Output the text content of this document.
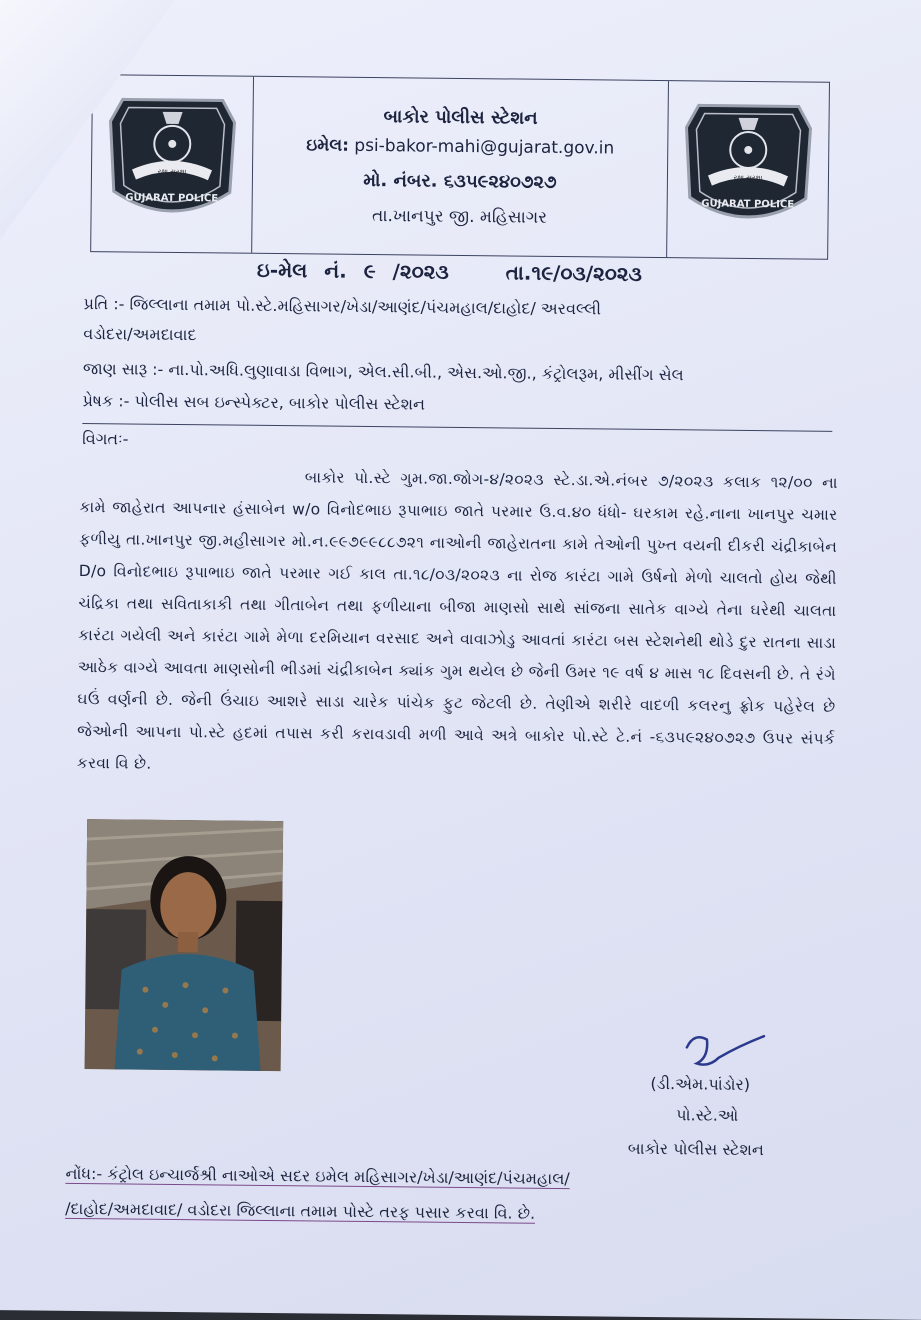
રક્ષા સુરક્ષા
GUJARAT POLICE
બાકોર પોલીસ સ્ટેશન
ઇમેલ: psi-bakor-mahi@gujarat.gov.in
મો. નંબર. ૬૩૫૯૨૪૦૭૨૭
તા.ખાનપુર જી. મહિસાગર
રક્ષા સુરક્ષા
GUJARAT POLICE
ઇ-મેલ નં. ૯ /૨૦૨૩	તા.૧૯/૦૩/૨૦૨૩
પ્રતિ :- જિલ્લાના તમામ પો.સ્ટે.મહિસાગર/ખેડા/આણંદ/પંચમહાલ/દાહોદ/ અરવલ્લી
વડોદરા/અમદાવાદ
જાણ સારૂ :- ના.પો.અધિ.લુણાવાડા વિભાગ, એલ.સી.બી., એસ.ઓ.જી., કંટ્રોલરૂમ, મીસીંગ સેલ
પ્રેષક :- પોલીસ સબ ઇન્સ્પેક્ટર, બાકોર પોલીસ સ્ટેશન
વિગતઃ-

બાકોર પો.સ્ટે ગુમ.જા.જોગ-૪/૨૦૨૩ સ્ટે.ડા.એ.નંબર ૭/૨૦૨૩ કલાક ૧૨/૦૦ ના કામે જાહેરાત આપનાર હંસાબેન w/o વિનોદભાઇ રૂપાભાઇ જાતે પરમાર ઉ.વ.૪૦ ધંધો- ઘરકામ રહે.નાના ખાનપુર ચમાર ફળીયુ તા.ખાનપુર જી.મહીસાગર મો.ન.૯૯૭૯૯૮૮૭૨૧ નાઓની જાહેરાતના કામે તેઓની પુખ્ત વયની દીકરી ચંદ્રીકાબેન D/o વિનોદભાઇ રૂપાભાઇ જાતે પરમાર ગઈ કાલ તા.૧૮/૦૩/૨૦૨૩ ના રોજ કારંટા ગામે ઉર્ષનો મેળો ચાલતો હોય જેથી ચંદ્રિકા તથા સવિતાકાકી તથા ગીતાબેન તથા ફળીયાના બીજા માણસો સાથે સાંજના સાતેક વાગ્યે તેના ઘરેથી ચાલતા કારંટા ગયેલી અને કારંટા ગામે મેળા દરમિયાન વરસાદ અને વાવાઝોડુ આવતાં કારંટા બસ સ્ટેશનેથી થોડે દુર રાતના સાડા આઠેક વાગ્યે આવતા માણસોની ભીડમાં ચંદ્રીકાબેન ક્યાંક ગુમ થયેલ છે જેની ઉમર ૧૯ વર્ષ ૪ માસ ૧૮ દિવસની છે. તે રંગે ઘઉં વર્ણની છે. જેની ઉંચાઇ આશરે સાડા ચારેક પાંચેક ફુટ જેટલી છે. તેણીએ શરીરે વાદળી કલરનુ ફ્રોક પહેરેલ છે જેઓની આપના પો.સ્ટે હદમાં તપાસ કરી કરાવડાવી મળી આવે અત્રે બાકોર પો.સ્ટે ટે.નં -૬૩૫૯૨૪૦૭૨૭ ઉપર સંપર્ક કરવા વિ છે.

(ડી.એમ.પાંડોર)
પો.સ્ટે.ઓ
બાકોર પોલીસ સ્ટેશન
નોંધ:- કંટ્રોલ ઇન્ચાર્જશ્રી નાઓએ સદર ઇમેલ મહિસાગર/ખેડા/આણંદ/પંચમહાલ/
/દાહોદ/અમદાવાદ/ વડોદરા જિલ્લાના તમામ પોસ્ટે તરફ પસાર કરવા વિ. છે.
